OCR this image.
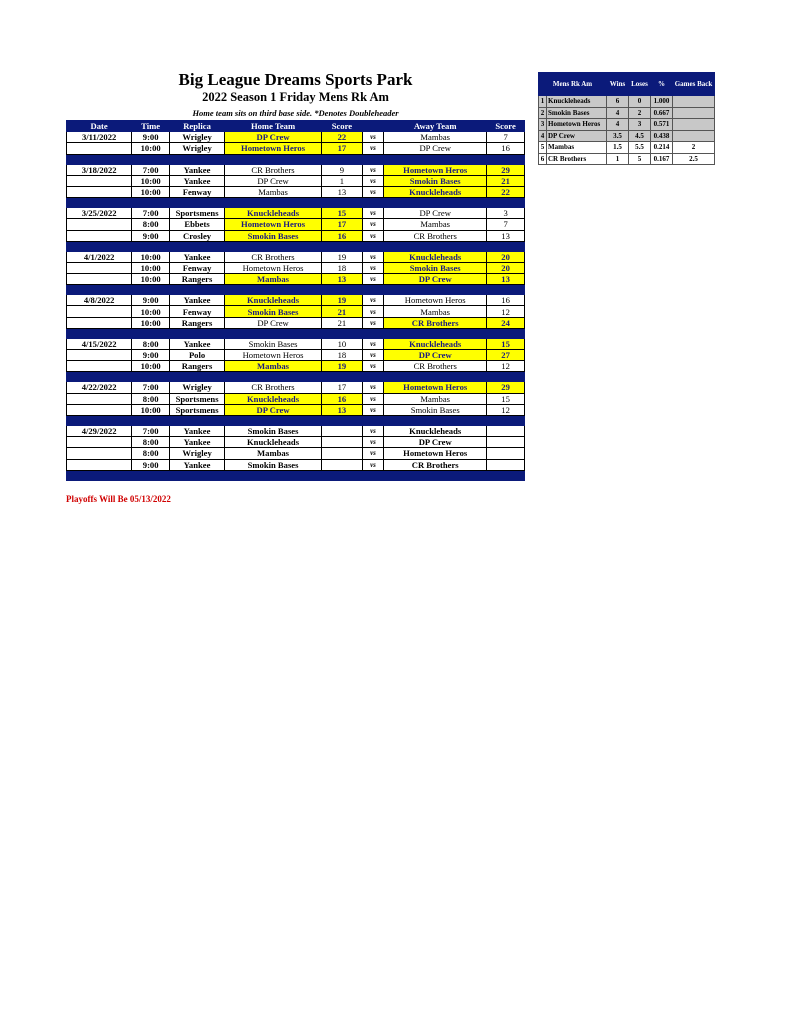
Big League Dreams Sports Park
2022 Season 1 Friday Mens Rk Am
Home team sits on third base side. *Denotes Doubleheader
Date	Time	Replica	Home Team	Score		Away Team	Score
3/11/2022	9:00	Wrigley	DP Crew	22	vs	Mambas	7
	10:00	Wrigley	Hometown Heros	17	vs	DP Crew	16

3/18/2022	7:00	Yankee	CR Brothers	9	vs	Hometown Heros	29
	10:00	Yankee	DP Crew	1	vs	Smokin Bases	21
	10:00	Fenway	Mambas	13	vs	Knuckleheads	22

3/25/2022	7:00	Sportsmens	Knuckleheads	15	vs	DP Crew	3
	8:00	Ebbets	Hometown Heros	17	vs	Mambas	7
	9:00	Crosley	Smokin Bases	16	vs	CR Brothers	13

4/1/2022	10:00	Yankee	CR Brothers	19	vs	Knuckleheads	20
	10:00	Fenway	Hometown Heros	18	vs	Smokin Bases	20
	10:00	Rangers	Mambas	13	vs	DP Crew	13

4/8/2022	9:00	Yankee	Knuckleheads	19	vs	Hometown Heros	16
	10:00	Fenway	Smokin Bases	21	vs	Mambas	12
	10:00	Rangers	DP Crew	21	vs	CR Brothers	24

4/15/2022	8:00	Yankee	Smokin Bases	10	vs	Knuckleheads	15
	9:00	Polo	Hometown Heros	18	vs	DP Crew	27
	10:00	Rangers	Mambas	19	vs	CR Brothers	12

4/22/2022	7:00	Wrigley	CR Brothers	17	vs	Hometown Heros	29
	8:00	Sportsmens	Knuckleheads	16	vs	Mambas	15
	10:00	Sportsmens	DP Crew	13	vs	Smokin Bases	12

4/29/2022	7:00	Yankee	Smokin Bases		vs	Knuckleheads	
	8:00	Yankee	Knuckleheads		vs	DP Crew	
	8:00	Wrigley	Mambas		vs	Hometown Heros	
	9:00	Yankee	Smokin Bases		vs	CR Brothers	

Mens Rk Am		Wins	Loses	%	Games Back
1	Knuckleheads	6	0	1.000	
2	Smokin Bases	4	2	0.667	
3	Hometown Heros	4	3	0.571	
4	DP Crew	3.5	4.5	0.438	
5	Mambas	1.5	5.5	0.214	2
6	CR Brothers	1	5	0.167	2.5
Playoffs Will Be 05/13/2022
